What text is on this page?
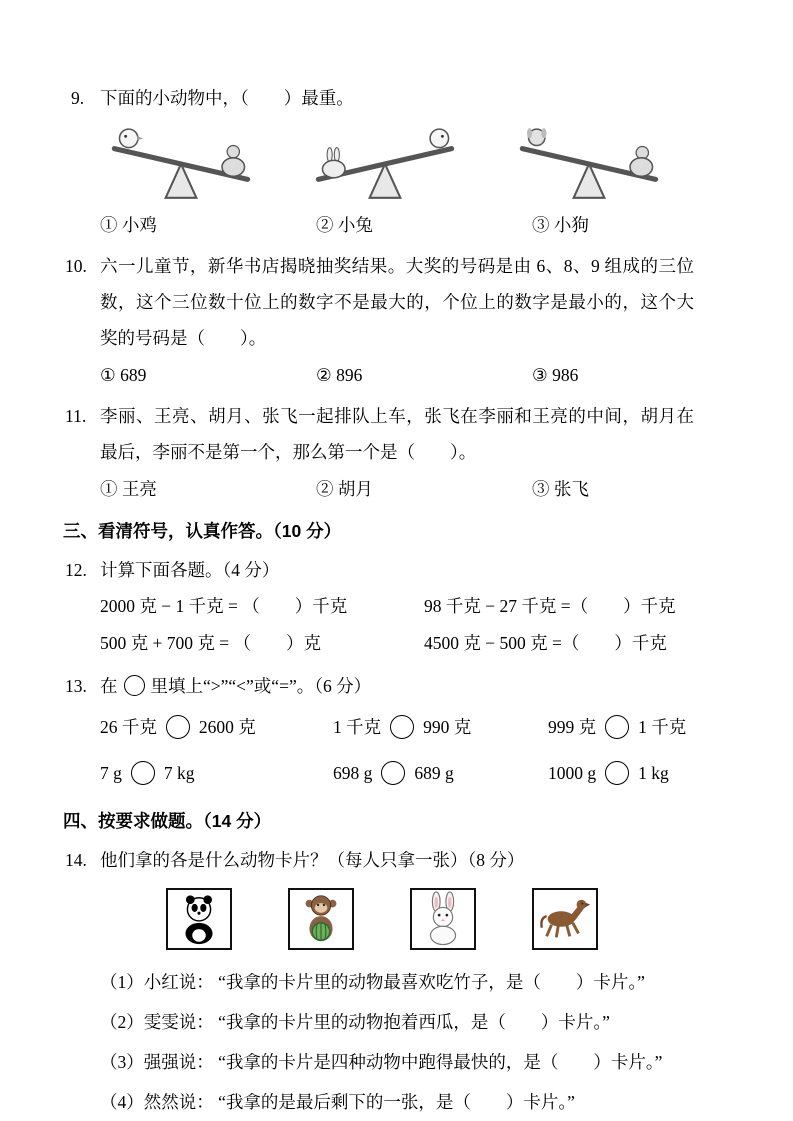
9. 下面的小动物中，（　　）最重。
① 小鸡	② 小兔	③ 小狗
10. 六一儿童节，新华书店揭晓抽奖结果。大奖的号码是由 6、8、9 组成的三位数，这个三位数十位上的数字不是最大的，个位上的数字是最小的，这个大奖的号码是（　　）。
① 689	② 896	③ 986
11. 李丽、王亮、胡月、张飞一起排队上车，张飞在李丽和王亮的中间，胡月在最后，李丽不是第一个，那么第一个是（　　）。
① 王亮	② 胡月	③ 张飞
三、看清符号，认真作答。（10 分）
12. 计算下面各题。（4 分）
2000 克 − 1 千克 = （　　）千克	98 千克 − 27 千克 =（　　）千克
500 克 + 700 克 = （　　）克	4500 克 − 500 克 =（　　）千克
13. 在 里填上“>”“<”或“=”。（6 分）
26 千克 2600 克	1 千克 990 克	999 克 1 千克
7 g 7 kg	698 g 689 g	1000 g 1 kg
四、按要求做题。（14 分）
14. 他们拿的各是什么动物卡片？（每人只拿一张）（8 分）
（1）小红说： “我拿的卡片里的动物最喜欢吃竹子，是（　　）卡片。”
（2）雯雯说： “我拿的卡片里的动物抱着西瓜，是（　　）卡片。”
（3）强强说： “我拿的卡片是四种动物中跑得最快的，是（　　）卡片。”
（4）然然说： “我拿的是最后剩下的一张，是（　　）卡片。”
